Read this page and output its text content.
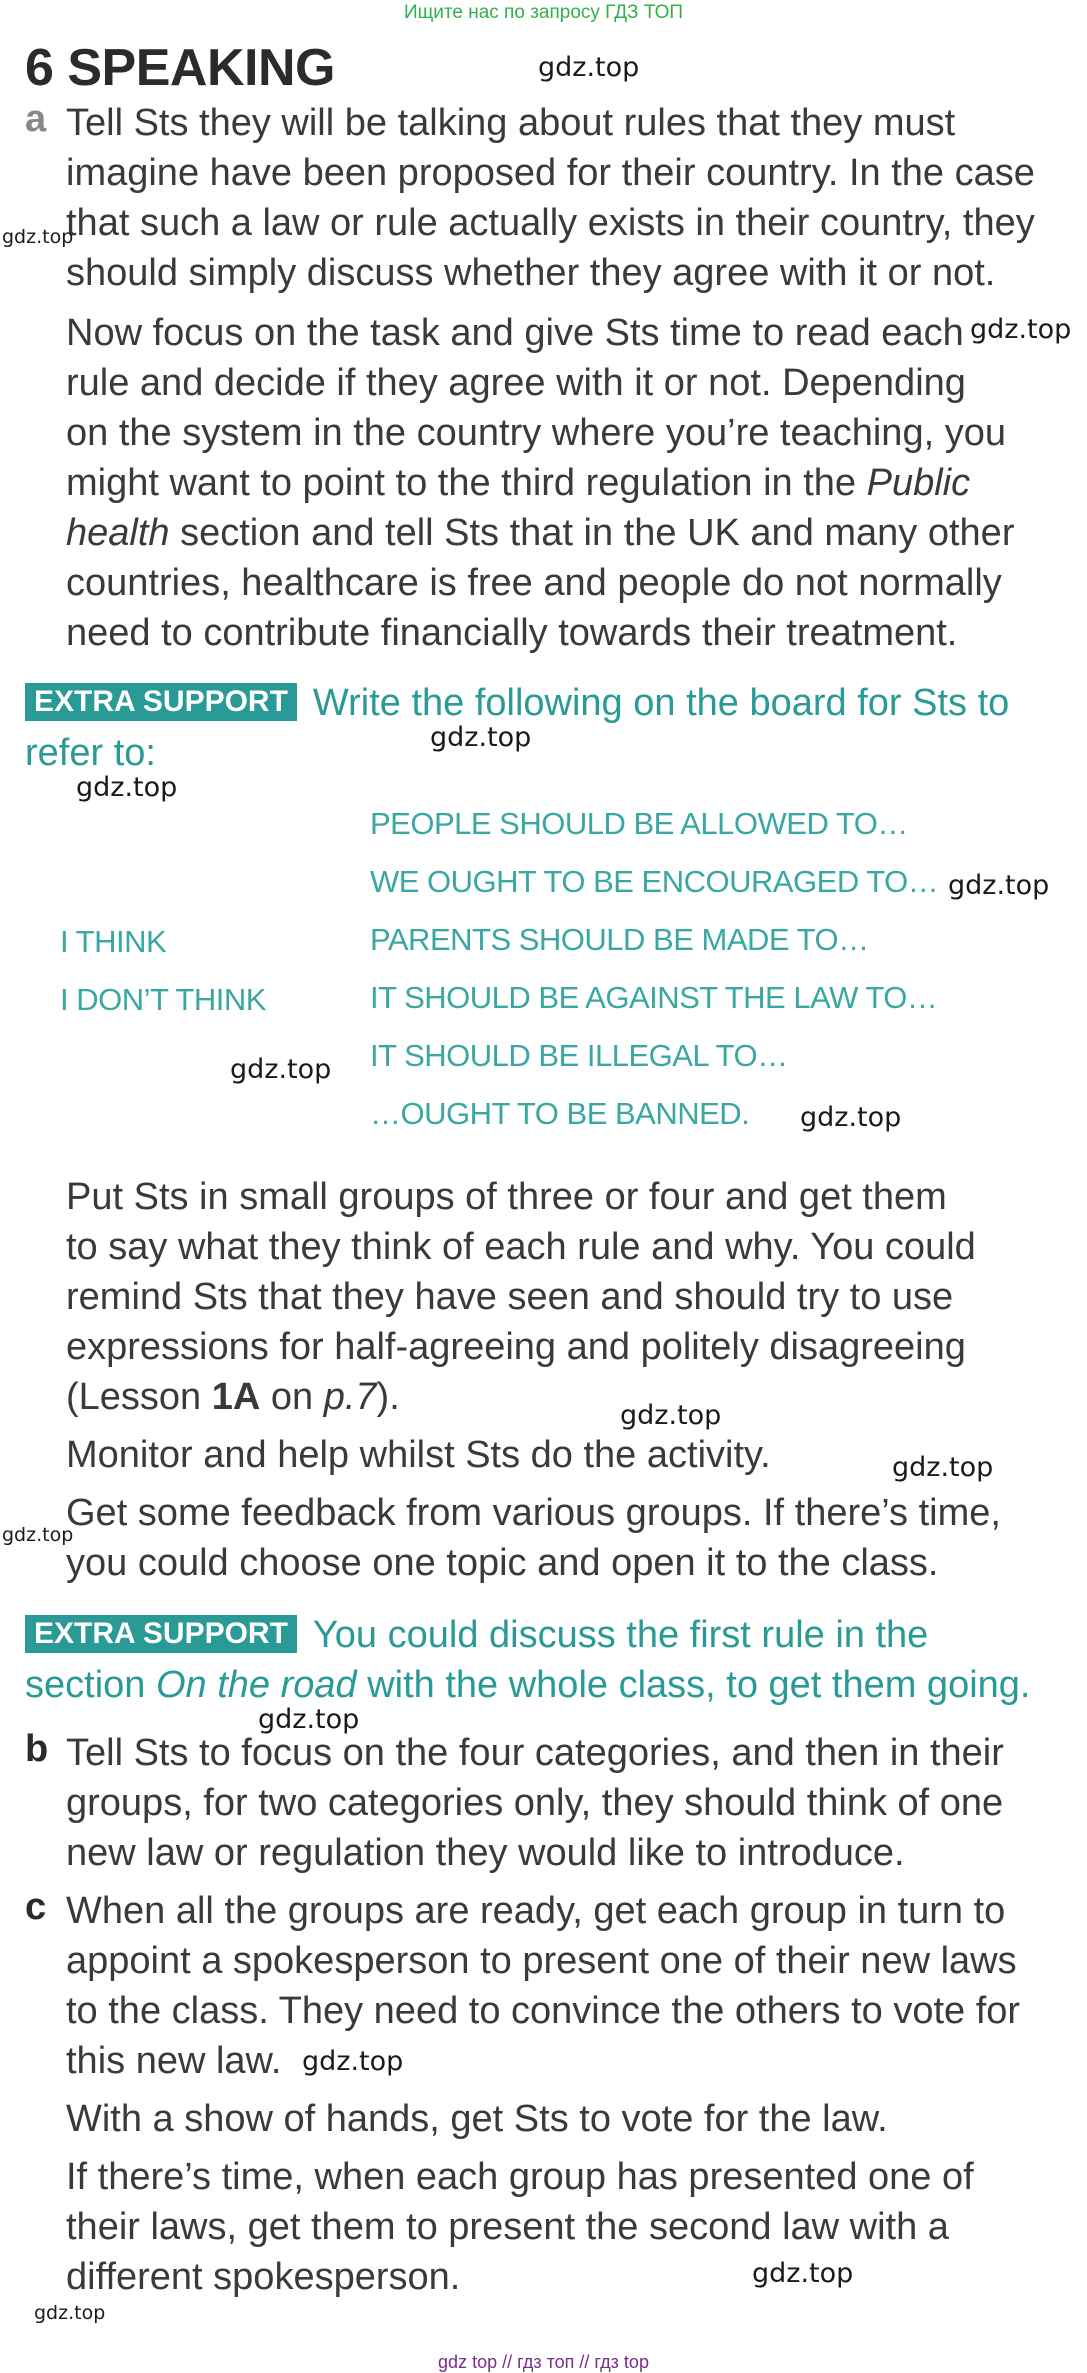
Ищите нас по запросу ГДЗ ТОП
6 SPEAKING
a Tell Sts they will be talking about rules that they must
imagine have been proposed for their country. In the case
that such a law or rule actually exists in their country, they
should simply discuss whether they agree with it or not.
Now focus on the task and give Sts time to read each
rule and decide if they agree with it or not. Depending
on the system in the country where you’re teaching, you
might want to point to the third regulation in the Public
health section and tell Sts that in the UK and many other
countries, healthcare is free and people do not normally
need to contribute financially towards their treatment.
EXTRA SUPPORT Write the following on the board for Sts to
refer to:
I THINK
I DON’T THINK
PEOPLE SHOULD BE ALLOWED TO…
WE OUGHT TO BE ENCOURAGED TO…
PARENTS SHOULD BE MADE TO…
IT SHOULD BE AGAINST THE LAW TO…
IT SHOULD BE ILLEGAL TO…
…OUGHT TO BE BANNED.
Put Sts in small groups of three or four and get them
to say what they think of each rule and why. You could
remind Sts that they have seen and should try to use
expressions for half-agreeing and politely disagreeing
(Lesson 1A on p.7).
Monitor and help whilst Sts do the activity.
Get some feedback from various groups. If there’s time,
you could choose one topic and open it to the class.
EXTRA SUPPORT You could discuss the first rule in the
section On the road with the whole class, to get them going.
b Tell Sts to focus on the four categories, and then in their
groups, for two categories only, they should think of one
new law or regulation they would like to introduce.
c When all the groups are ready, get each group in turn to
appoint a spokesperson to present one of their new laws
to the class. They need to convince the others to vote for
this new law.
With a show of hands, get Sts to vote for the law.
If there’s time, when each group has presented one of
their laws, get them to present the second law with a
different spokesperson.
gdz.top
gdz.top
gdz.top
gdz.top
gdz.top
gdz.top
gdz.top
gdz.top
gdz.top
gdz.top
gdz.top
gdz.top
gdz.top
gdz.top
gdz.top
gdz top // гдз топ // гдз top
